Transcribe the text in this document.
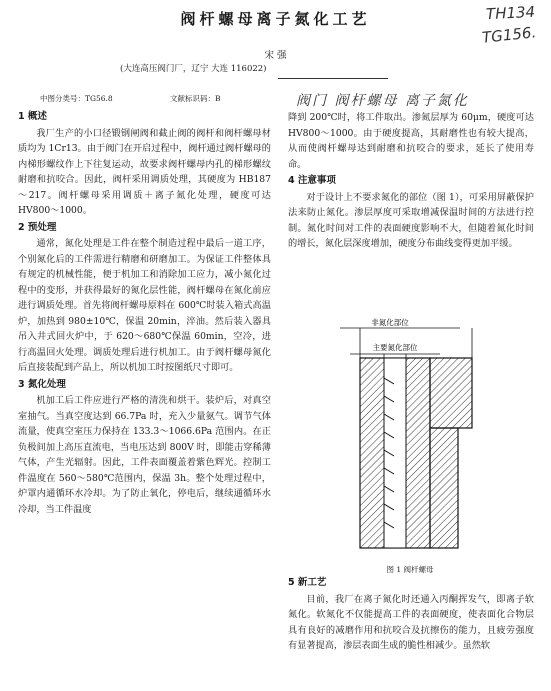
阀杆螺母离子氮化工艺	TH134
TG156.
宋 强
(大连高压阀门厂，辽宁 大连 116022)
中图分类号：TG56.8	文献标识码：B	阀门 阀杆螺母 离子氮化
1 概述

我厂生产的小口径锻钢闸阀和截止阀的阀杆和阀杆螺母材质均为 1Cr13。由于阀门在开启过程中，阀杆通过阀杆螺母的内梯形螺纹作上下往复运动，故要求阀杆螺母内孔的梯形螺纹耐磨和抗咬合。因此，阀杆采用调质处理，其硬度为 HB187～217。阀杆螺母采用调质＋离子氮化处理，硬度可达 HV800～1000。

2 预处理

通常，氮化处理是工件在整个制造过程中最后一道工序，个别氮化后的工件需进行精磨和研磨加工。为保证工件整体具有规定的机械性能，便于机加工和消除加工应力，减小氮化过程中的变形，并获得最好的氮化层性能，阀杆螺母在氮化前应进行调质处理。首先将阀杆螺母原料在 600℃时装入箱式高温炉，加热到 980±10℃，保温 20min，淬油。然后装入器具吊入井式回火炉中，于 620～680℃保温 60min，空冷，进行高温回火处理。调质处理后进行机加工。由于阀杆螺母氮化后直接装配到产品上，所以机加工时按图纸尺寸即可。

3 氮化处理

机加工后工件应进行严格的清洗和烘干。装炉后，对真空室抽气。当真空度达到 66.7Pa 时，充入少量氨气。调节气体流量，使真空室压力保持在 133.3～1066.6Pa 范围内。在正负极间加上高压直流电，当电压达到 800V 时，即能击穿稀薄气体，产生光辐射。因此，工件表面覆盖着紫色辉光。控制工件温度在 560～580℃范围内，保温 3h。整个处理过程中，炉罩内通循环水冷却。为了防止氧化，停电后，继续通循环水冷却，当工件温度

降到 200℃时，将工件取出。渗氮层厚为 60μm，硬度可达 HV800～1000。由于硬度提高，其耐磨性也有较大提高，从而使阀杆螺母达到耐磨和抗咬合的要求，延长了使用寿命。

4 注意事项

对于设计上不要求氮化的部位（图 1），可采用屏蔽保护法来防止氮化。渗层厚度可采取增减保温时间的方法进行控制。氮化时间对工件的表面硬度影响不大，但随着氮化时间的增长，氮化层深度增加，硬度分布曲线变得更加平缓。

非氮化部位
主要氮化部位
图 1 阀杆螺母
5 新工艺

目前，我厂在离子氮化时还通入丙酮挥发气，即离子软氮化。软氮化不仅能提高工件的表面硬度，使表面化合物层具有良好的减磨作用和抗咬合及抗擦伤的能力，且疲劳强度有显著提高，渗层表面生成的脆性相减少。虽然软
